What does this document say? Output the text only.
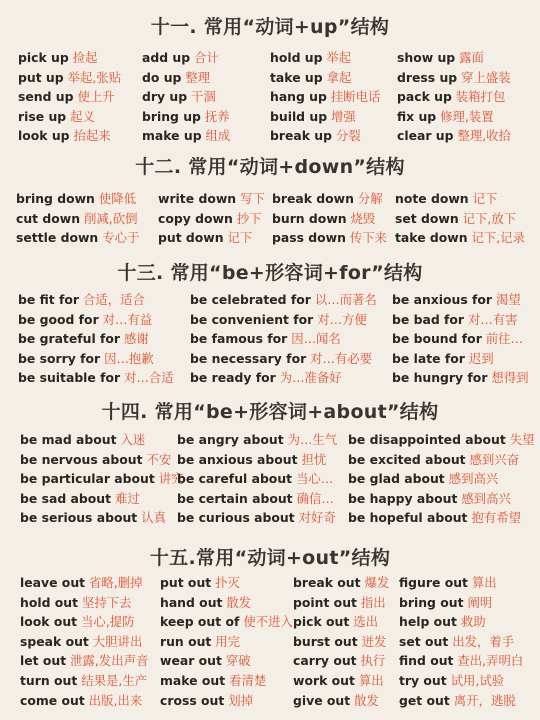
十一. 常用“动词+up”结构
pick up 捡起
put up 举起,张贴
send up 使上升
rise up 起义
look up 抬起来
add up 合计
do up 整理
dry up 干涸
bring up 抚养
make up 组成
hold up 举起
take up 拿起
hang up 挂断电话
build up 增强
break up 分裂
show up 露面
dress up 穿上盛装
pack up 装箱打包
fix up 修理,装置
clear up 整理,收拾
十二. 常用“动词+down”结构
bring down 使降低
cut down 削减,砍倒
settle down 专心于
write down 写下
copy down 抄下
put down 记下
break down 分解
burn down 烧毁
pass down 传下来
note down 记下
set down 记下,放下
take down 记下,记录
十三. 常用“be+形容词+for”结构
be fit for 合适，适合
be good for 对…有益
be grateful for 感谢
be sorry for 因…抱歉
be suitable for 对…合适
be celebrated for 以…而著名
be convenient for 对…方便
be famous for 因…闻名
be necessary for 对…有必要
be ready for 为…准备好
be anxious for 渴望
be bad for 对…有害
be bound for 前往…
be late for 迟到
be hungry for 想得到
十四. 常用“be+形容词+about”结构
be mad about 入迷
be nervous about 不安
be particular about 讲究
be sad about 难过
be serious about 认真
be angry about 为…生气
be anxious about 担忧
be careful about 当心…
be certain about 确信…
be curious about 对好奇
be disappointed about 失望
be excited about 感到兴奋
be glad about 感到高兴
be happy about 感到高兴
be hopeful about 抱有希望
十五.常用“动词+out”结构
leave out 省略,删掉
hold out 坚持下去
look out 当心,提防
speak out 大胆讲出
let out 泄露,发出声音
turn out 结果是,生产
come out 出版,出来
put out 扑灭
hand out 散发
keep out of 使不进入
run out 用完
wear out 穿破
make out 看清楚
cross out 划掉
break out 爆发
point out 指出
pick out 选出
burst out 迸发
carry out 执行
work out 算出
give out 散发
figure out 算出
bring out 阐明
help out 救助
set out 出发，着手
find out 查出,弄明白
try out 试用,试验
get out 离开，逃脱
